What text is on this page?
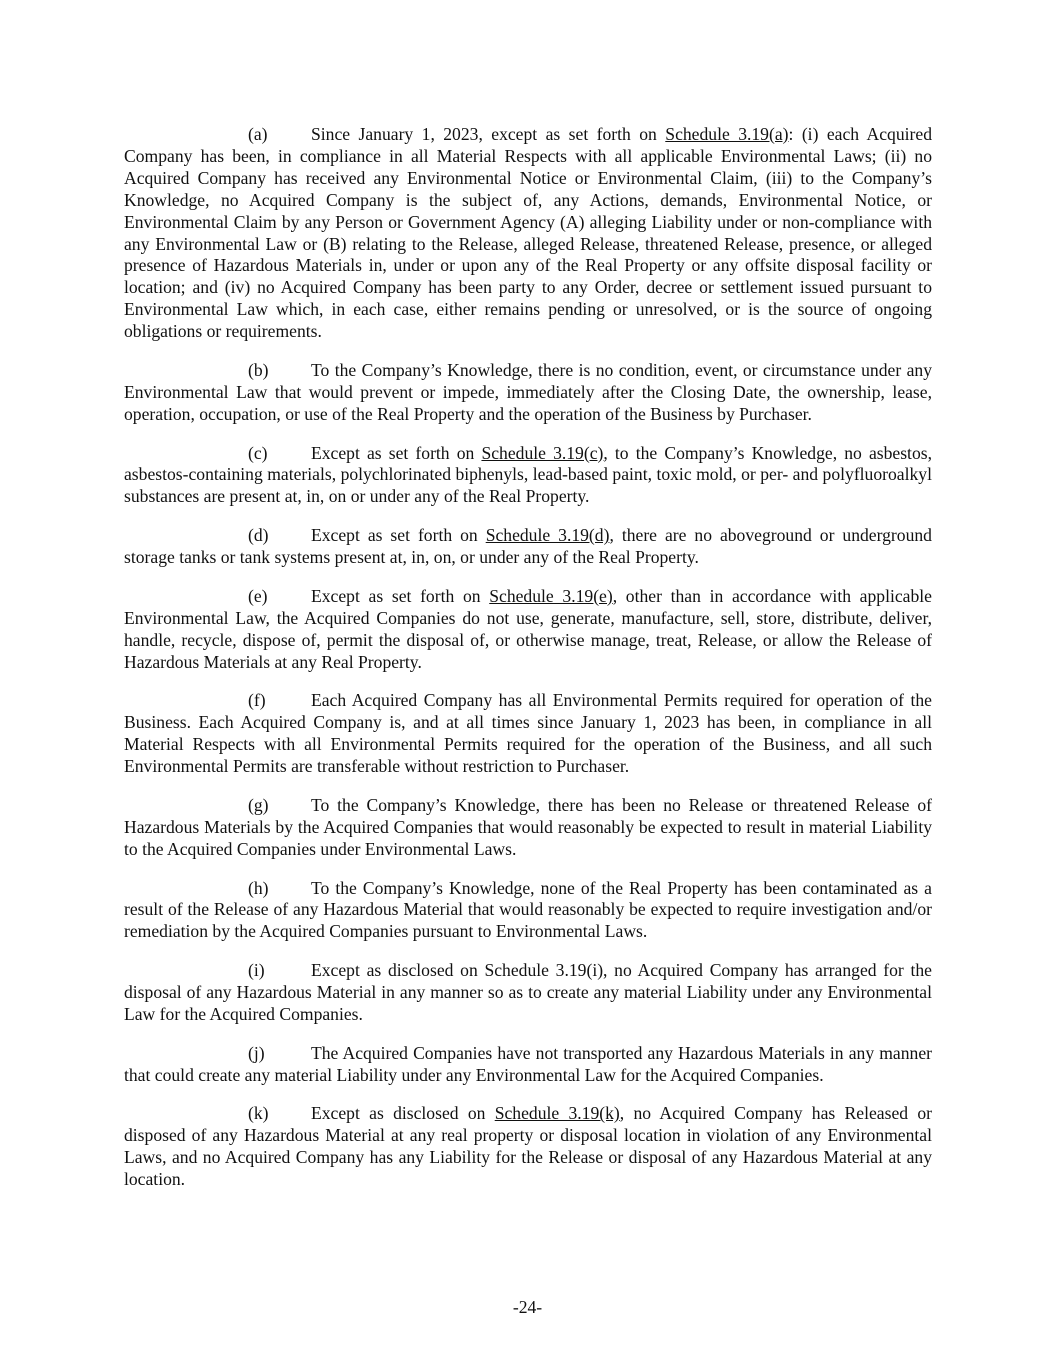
(a) Since January 1, 2023, except as set forth on Schedule 3.19(a): (i) each Acquired Company has been, in compliance in all Material Respects with all applicable Environmental Laws; (ii) no Acquired Company has received any Environmental Notice or Environmental Claim, (iii) to the Company’s Knowledge, no Acquired Company is the subject of, any Actions, demands, Environmental Notice, or Environmental Claim by any Person or Government Agency (A) alleging Liability under or non-compliance with any Environmental Law or (B) relating to the Release, alleged Release, threatened Release, presence, or alleged presence of Hazardous Materials in, under or upon any of the Real Property or any offsite disposal facility or location; and (iv) no Acquired Company has been party to any Order, decree or settlement issued pursuant to Environmental Law which, in each case, either remains pending or unresolved, or is the source of ongoing obligations or requirements.

(b) To the Company’s Knowledge, there is no condition, event, or circumstance under any Environmental Law that would prevent or impede, immediately after the Closing Date, the ownership, lease, operation, occupation, or use of the Real Property and the operation of the Business by Purchaser.

(c) Except as set forth on Schedule 3.19(c), to the Company’s Knowledge, no asbestos, asbestos-containing materials, polychlorinated biphenyls, lead-based paint, toxic mold, or per- and polyfluoroalkyl substances are present at, in, on or under any of the Real Property.

(d) Except as set forth on Schedule 3.19(d), there are no aboveground or underground storage tanks or tank systems present at, in, on, or under any of the Real Property.

(e) Except as set forth on Schedule 3.19(e), other than in accordance with applicable Environmental Law, the Acquired Companies do not use, generate, manufacture, sell, store, distribute, deliver, handle, recycle, dispose of, permit the disposal of, or otherwise manage, treat, Release, or allow the Release of Hazardous Materials at any Real Property.

(f)	Each Acquired Company has all Environmental Permits required for operation of the Business. Each Acquired Company is, and at all times since January 1, 2023 has been, in compliance in all Material Respects with all Environmental Permits required for the operation of the Business, and all such Environmental Permits are transferable without restriction to Purchaser.

(g) To the Company’s Knowledge, there has been no Release or threatened Release of Hazardous Materials by the Acquired Companies that would reasonably be expected to result in material Liability to the Acquired Companies under Environmental Laws.

(h) To the Company’s Knowledge, none of the Real Property has been contaminated as a result of the Release of any Hazardous Material that would reasonably be expected to require investigation and/or remediation by the Acquired Companies pursuant to Environmental Laws.

(i)	Except as disclosed on Schedule 3.19(i), no Acquired Company has arranged for the disposal of any Hazardous Material in any manner so as to create any material Liability under any Environmental Law for the Acquired Companies.

(j)	The Acquired Companies have not transported any Hazardous Materials in any manner that could create any material Liability under any Environmental Law for the Acquired Companies.

(k) Except as disclosed on Schedule 3.19(k), no Acquired Company has Released or disposed of any Hazardous Material at any real property or disposal location in violation of any Environmental Laws, and no Acquired Company has any Liability for the Release or disposal of any Hazardous Material at any location.

-24-
